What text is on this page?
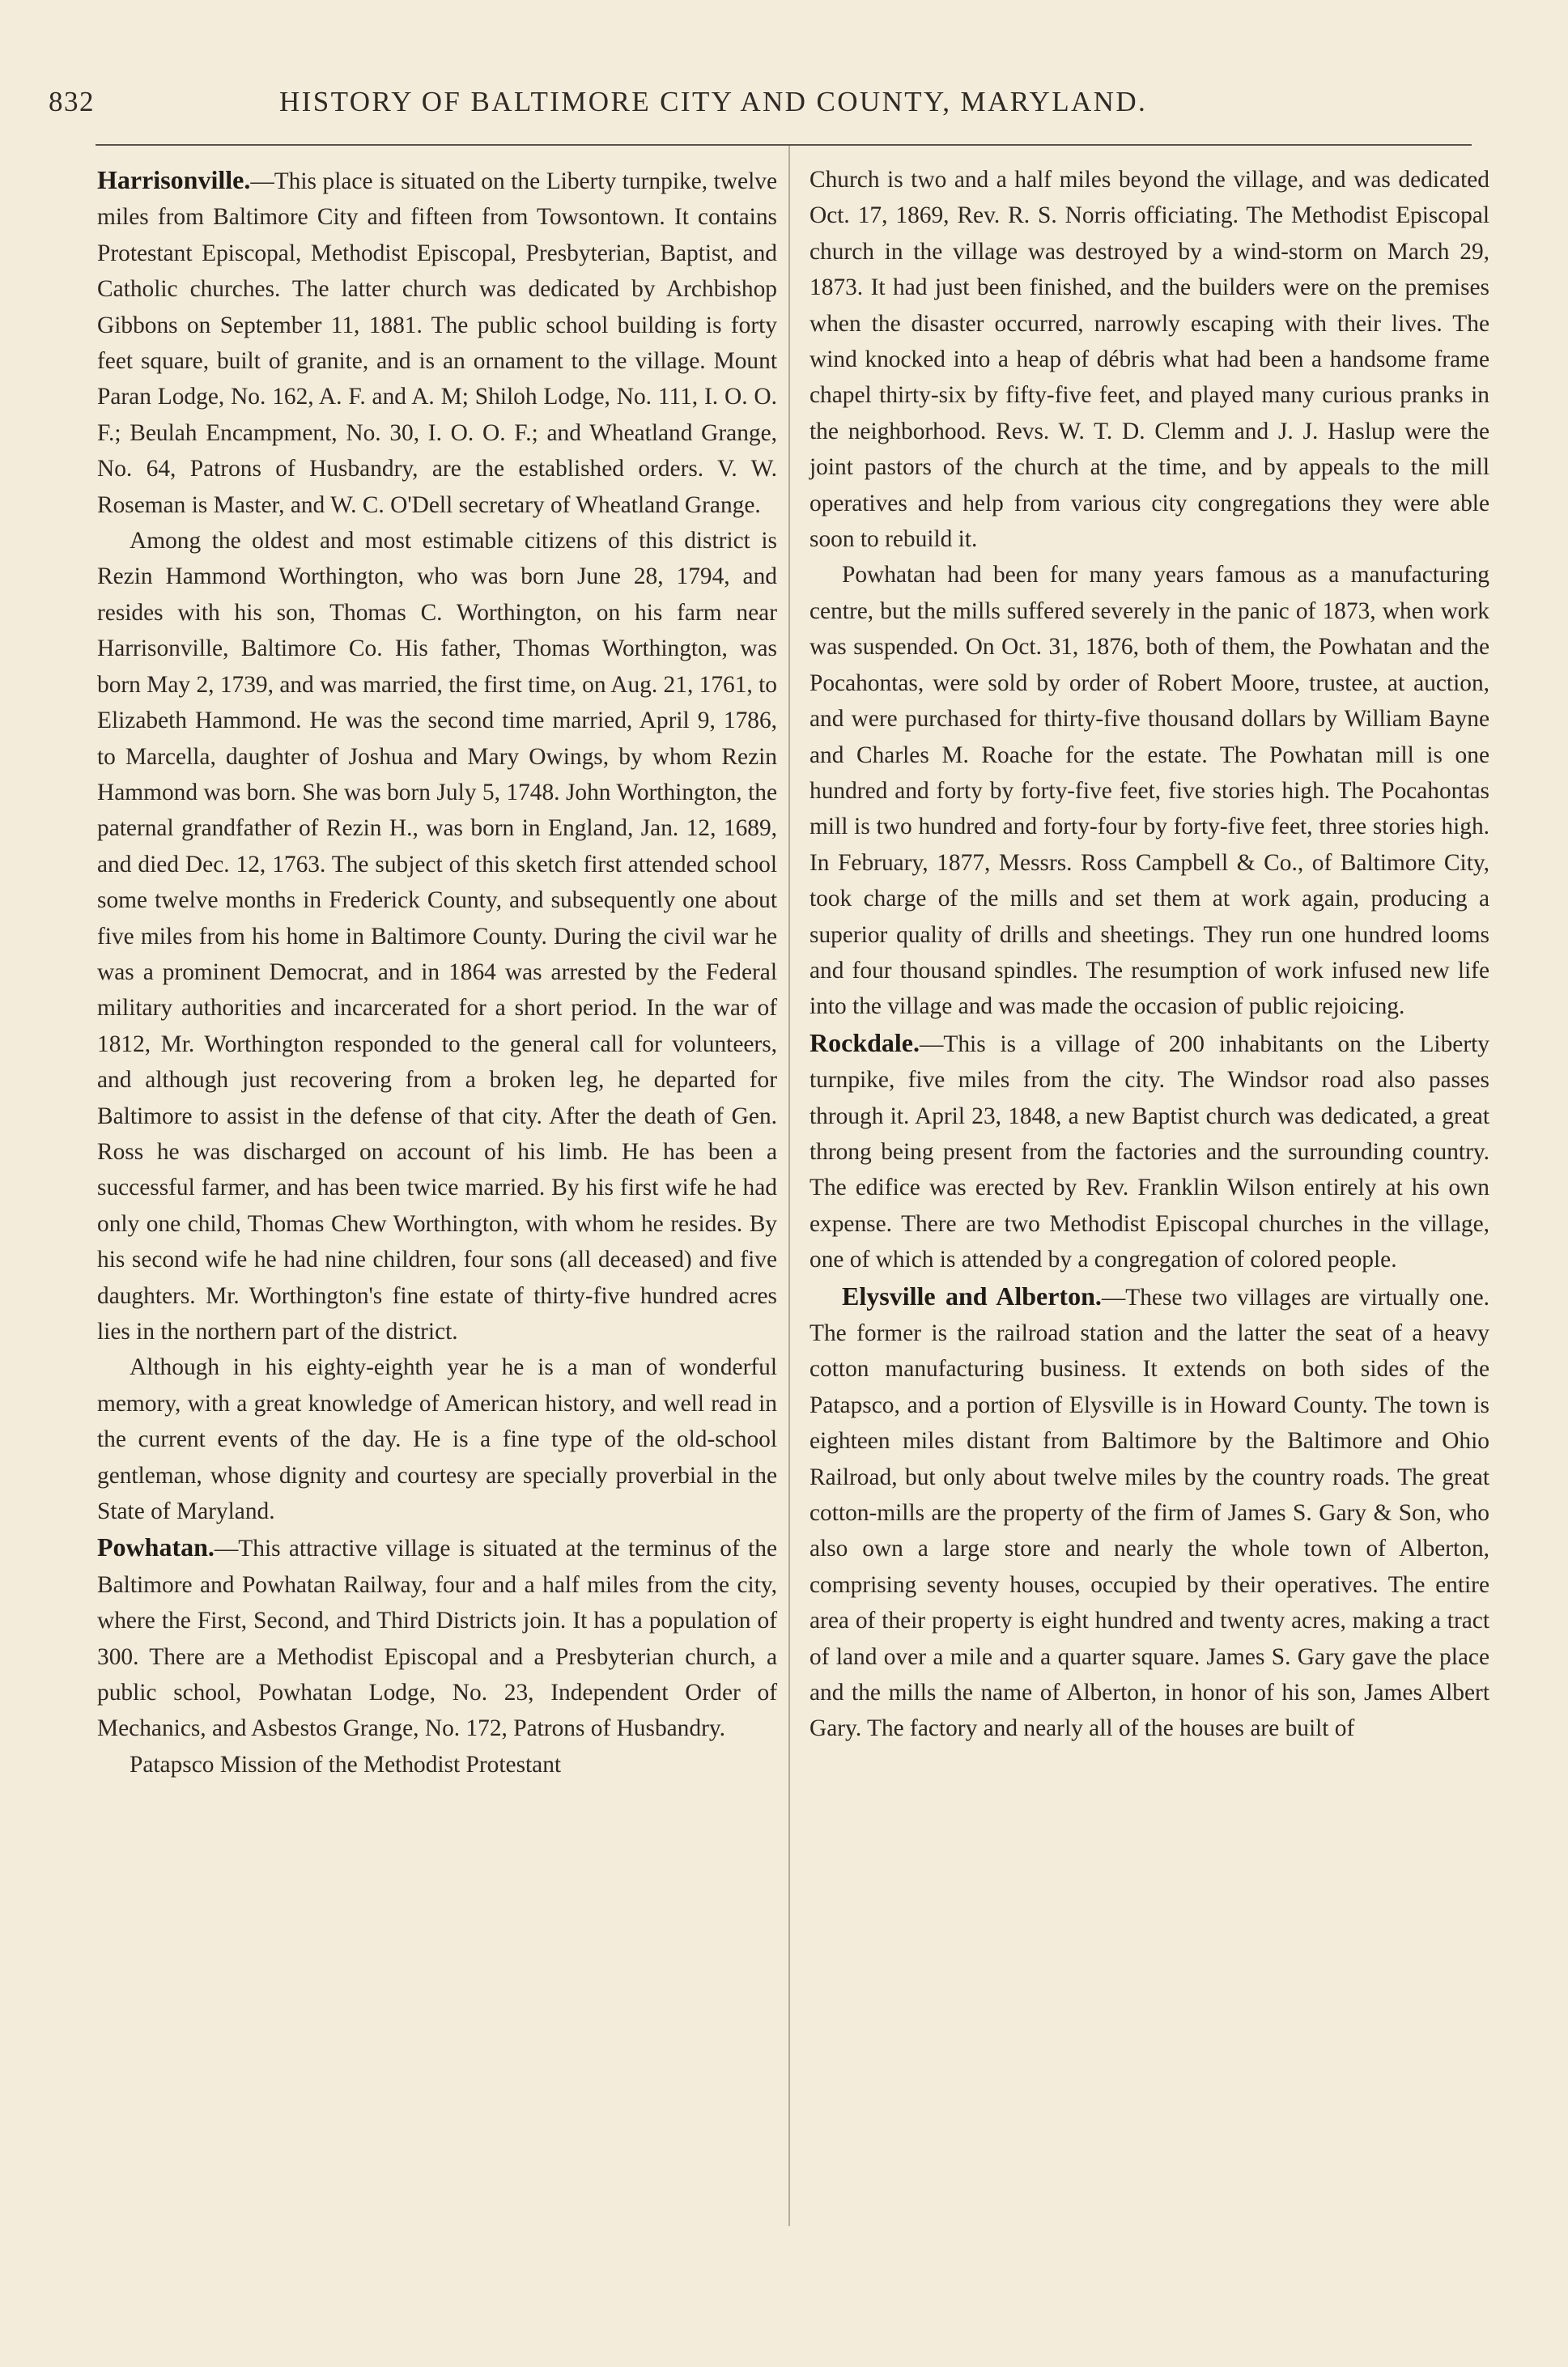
832	HISTORY OF BALTIMORE CITY AND COUNTY, MARYLAND.

Harrisonville.—This place is situated on the Liberty turnpike, twelve miles from Baltimore City and fifteen from Towsontown. It contains Protestant Episcopal, Methodist Episcopal, Presbyterian, Baptist, and Catholic churches. The latter church was dedicated by Archbishop Gibbons on September 11, 1881. The public school building is forty feet square, built of granite, and is an ornament to the village. Mount Paran Lodge, No. 162, A. F. and A. M; Shiloh Lodge, No. 111, I. O. O. F.; Beulah Encampment, No. 30, I. O. O. F.; and Wheatland Grange, No. 64, Patrons of Husbandry, are the established orders. V. W. Roseman is Master, and W. C. O'Dell secretary of Wheatland Grange.

Among the oldest and most estimable citizens of this district is Rezin Hammond Worthington, who was born June 28, 1794, and resides with his son, Thomas C. Worthington, on his farm near Harrisonville, Baltimore Co. His father, Thomas Worthington, was born May 2, 1739, and was married, the first time, on Aug. 21, 1761, to Elizabeth Hammond. He was the second time married, April 9, 1786, to Marcella, daughter of Joshua and Mary Owings, by whom Rezin Hammond was born. She was born July 5, 1748. John Worthington, the paternal grandfather of Rezin H., was born in England, Jan. 12, 1689, and died Dec. 12, 1763. The subject of this sketch first attended school some twelve months in Frederick County, and subsequently one about five miles from his home in Baltimore County. During the civil war he was a prominent Democrat, and in 1864 was arrested by the Federal military authorities and incarcerated for a short period. In the war of 1812, Mr. Worthington responded to the general call for volunteers, and although just recovering from a broken leg, he departed for Baltimore to assist in the defense of that city. After the death of Gen. Ross he was discharged on account of his limb. He has been a successful farmer, and has been twice married. By his first wife he had only one child, Thomas Chew Worthington, with whom he resides. By his second wife he had nine children, four sons (all deceased) and five daughters. Mr. Worthington's fine estate of thirty-five hundred acres lies in the northern part of the district.

Although in his eighty-eighth year he is a man of wonderful memory, with a great knowledge of American history, and well read in the current events of the day. He is a fine type of the old-school gentleman, whose dignity and courtesy are specially proverbial in the State of Maryland.

Powhatan.—This attractive village is situated at the terminus of the Baltimore and Powhatan Railway, four and a half miles from the city, where the First, Second, and Third Districts join. It has a population of 300. There are a Methodist Episcopal and a Presbyterian church, a public school, Powhatan Lodge, No. 23, Independent Order of Mechanics, and Asbestos Grange, No. 172, Patrons of Husbandry.

Patapsco Mission of the Methodist Protestant

Church is two and a half miles beyond the village, and was dedicated Oct. 17, 1869, Rev. R. S. Norris officiating. The Methodist Episcopal church in the village was destroyed by a wind-storm on March 29, 1873. It had just been finished, and the builders were on the premises when the disaster occurred, narrowly escaping with their lives. The wind knocked into a heap of débris what had been a handsome frame chapel thirty-six by fifty-five feet, and played many curious pranks in the neighborhood. Revs. W. T. D. Clemm and J. J. Haslup were the joint pastors of the church at the time, and by appeals to the mill operatives and help from various city congregations they were able soon to rebuild it.

Powhatan had been for many years famous as a manufacturing centre, but the mills suffered severely in the panic of 1873, when work was suspended. On Oct. 31, 1876, both of them, the Powhatan and the Pocahontas, were sold by order of Robert Moore, trustee, at auction, and were purchased for thirty-five thousand dollars by William Bayne and Charles M. Roache for the estate. The Powhatan mill is one hundred and forty by forty-five feet, five stories high. The Pocahontas mill is two hundred and forty-four by forty-five feet, three stories high. In February, 1877, Messrs. Ross Campbell & Co., of Baltimore City, took charge of the mills and set them at work again, producing a superior quality of drills and sheetings. They run one hundred looms and four thousand spindles. The resumption of work infused new life into the village and was made the occasion of public rejoicing.

Rockdale.—This is a village of 200 inhabitants on the Liberty turnpike, five miles from the city. The Windsor road also passes through it. April 23, 1848, a new Baptist church was dedicated, a great throng being present from the factories and the surrounding country. The edifice was erected by Rev. Franklin Wilson entirely at his own expense. There are two Methodist Episcopal churches in the village, one of which is attended by a congregation of colored people.

Elysville and Alberton.—These two villages are virtually one. The former is the railroad station and the latter the seat of a heavy cotton manufacturing business. It extends on both sides of the Patapsco, and a portion of Elysville is in Howard County. The town is eighteen miles distant from Baltimore by the Baltimore and Ohio Railroad, but only about twelve miles by the country roads. The great cotton-mills are the property of the firm of James S. Gary & Son, who also own a large store and nearly the whole town of Alberton, comprising seventy houses, occupied by their operatives. The entire area of their property is eight hundred and twenty acres, making a tract of land over a mile and a quarter square. James S. Gary gave the place and the mills the name of Alberton, in honor of his son, James Albert Gary. The factory and nearly all of the houses are built of
